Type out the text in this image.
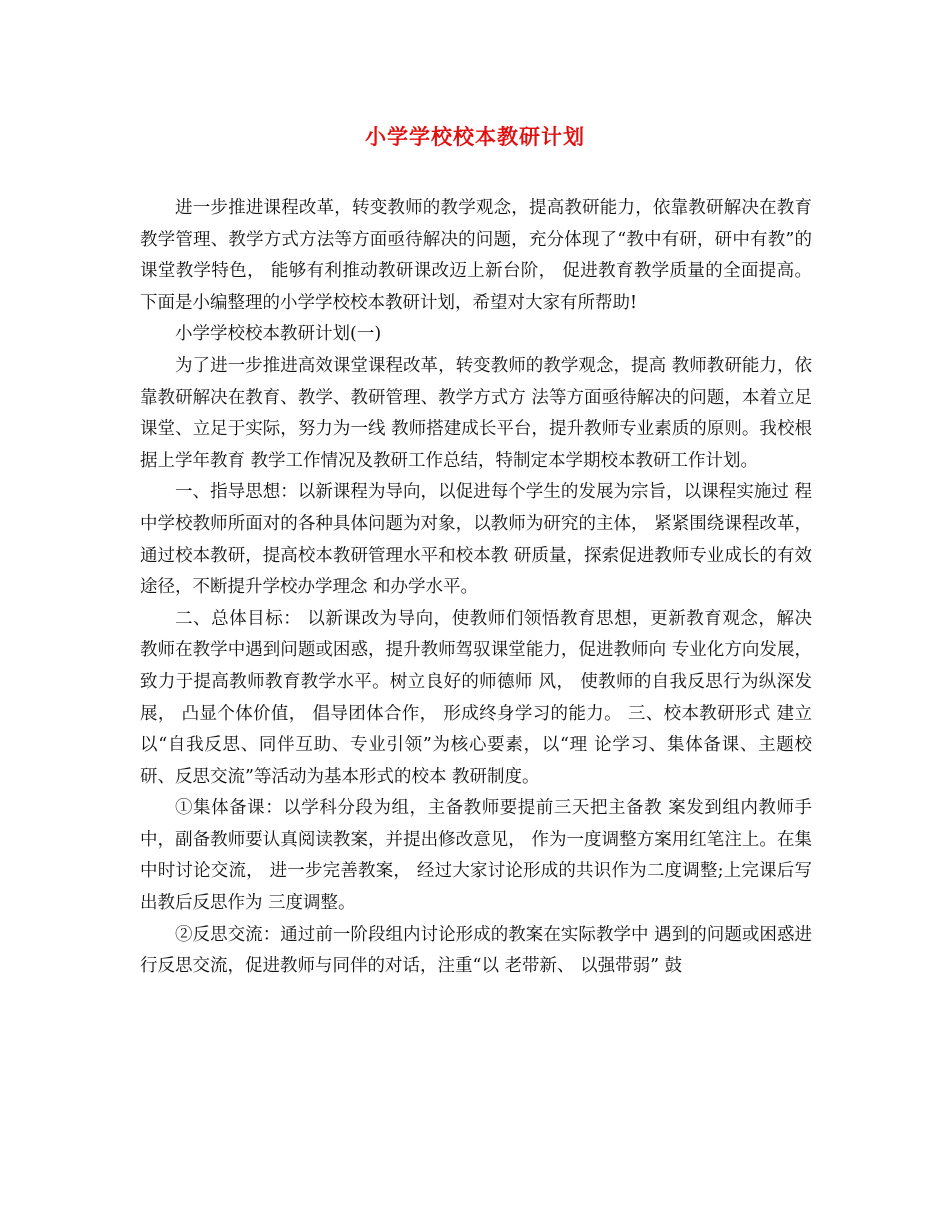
小学学校校本教研计划

进一步推进课程改革，转变教师的教学观念，提高教研能力，依靠教研解决在教育教学管理、教学方式方法等方面亟待解决的问题，充分体现了“教中有研，研中有教”的课堂教学特色， 能够有利推动教研课改迈上新台阶， 促进教育教学质量的全面提高。下面是小编整理的小学学校校本教研计划，希望对大家有所帮助!

小学学校校本教研计划(一)

为了进一步推进高效课堂课程改革，转变教师的教学观念，提高 教师教研能力，依靠教研解决在教育、教学、教研管理、教学方式方 法等方面亟待解决的问题，本着立足课堂、立足于实际，努力为一线 教师搭建成长平台，提升教师专业素质的原则。我校根据上学年教育 教学工作情况及教研工作总结，特制定本学期校本教研工作计划。

一、指导思想：以新课程为导向，以促进每个学生的发展为宗旨，以课程实施过 程中学校教师所面对的各种具体问题为对象，以教师为研究的主体， 紧紧围绕课程改革，通过校本教研，提高校本教研管理水平和校本教 研质量，探索促进教师专业成长的有效途径，不断提升学校办学理念 和办学水平。

二、总体目标： 以新课改为导向，使教师们领悟教育思想，更新教育观念，解决 教师在教学中遇到问题或困惑，提升教师驾驭课堂能力，促进教师向 专业化方向发展，致力于提高教师教育教学水平。树立良好的师德师 风， 使教师的自我反思行为纵深发展， 凸显个体价值， 倡导团体合作， 形成终身学习的能力。 三、校本教研形式 建立以“自我反思、同伴互助、专业引领”为核心要素，以“理 论学习、集体备课、主题校研、反思交流”等活动为基本形式的校本 教研制度。

①集体备课：以学科分段为组，主备教师要提前三天把主备教 案发到组内教师手中，副备教师要认真阅读教案，并提出修改意见， 作为一度调整方案用红笔注上。在集中时讨论交流， 进一步完善教案， 经过大家讨论形成的共识作为二度调整;上完课后写出教后反思作为 三度调整。

②反思交流：通过前一阶段组内讨论形成的教案在实际教学中 遇到的问题或困惑进行反思交流，促进教师与同伴的对话，注重“以 老带新、 以强带弱” 鼓
